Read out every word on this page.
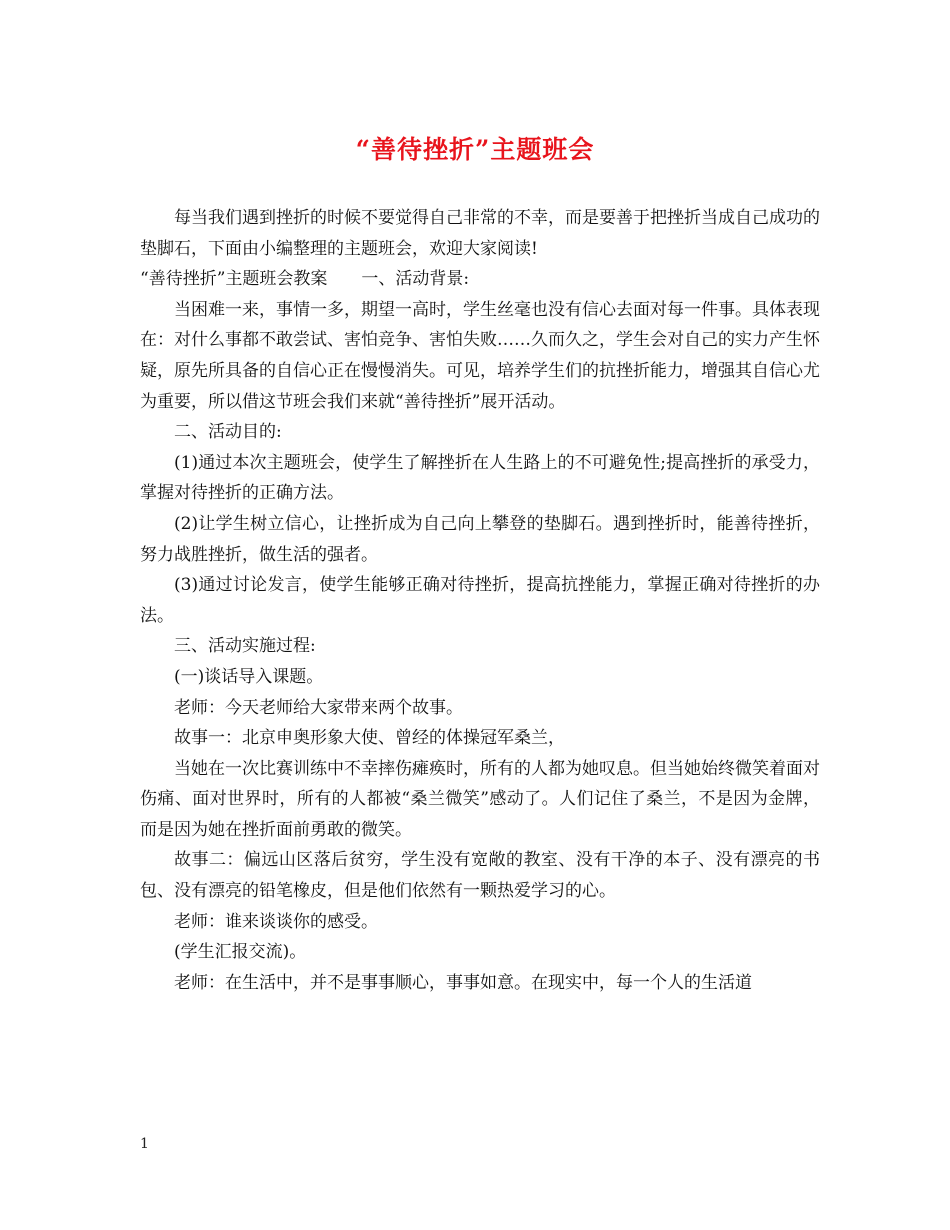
“善待挫折”主题班会

每当我们遇到挫折的时候不要觉得自己非常的不幸，而是要善于把挫折当成自己成功的垫脚石，下面由小编整理的主题班会，欢迎大家阅读!

“善待挫折”主题班会教案　　一、活动背景:

当困难一来，事情一多，期望一高时，学生丝毫也没有信心去面对每一件事。具体表现在：对什么事都不敢尝试、害怕竞争、害怕失败……久而久之，学生会对自己的实力产生怀疑，原先所具备的自信心正在慢慢消失。可见，培养学生们的抗挫折能力，增强其自信心尤为重要，所以借这节班会我们来就“善待挫折”展开活动。

二、活动目的:

(1)通过本次主题班会，使学生了解挫折在人生路上的不可避免性;提高挫折的承受力，掌握对待挫折的正确方法。

(2)让学生树立信心，让挫折成为自己向上攀登的垫脚石。遇到挫折时，能善待挫折，努力战胜挫折，做生活的强者。

(3)通过讨论发言，使学生能够正确对待挫折，提高抗挫能力，掌握正确对待挫折的办法。

三、活动实施过程:

(一)谈话导入课题。

老师：今天老师给大家带来两个故事。

故事一：北京申奥形象大使、曾经的体操冠军桑兰，

当她在一次比赛训练中不幸摔伤瘫痪时，所有的人都为她叹息。但当她始终微笑着面对伤痛、面对世界时，所有的人都被“桑兰微笑”感动了。人们记住了桑兰，不是因为金牌，而是因为她在挫折面前勇敢的微笑。

故事二：偏远山区落后贫穷，学生没有宽敞的教室、没有干净的本子、没有漂亮的书包、没有漂亮的铅笔橡皮，但是他们依然有一颗热爱学习的心。

老师：谁来谈谈你的感受。

(学生汇报交流)。

老师：在生活中，并不是事事顺心，事事如意。在现实中，每一个人的生活道

1
